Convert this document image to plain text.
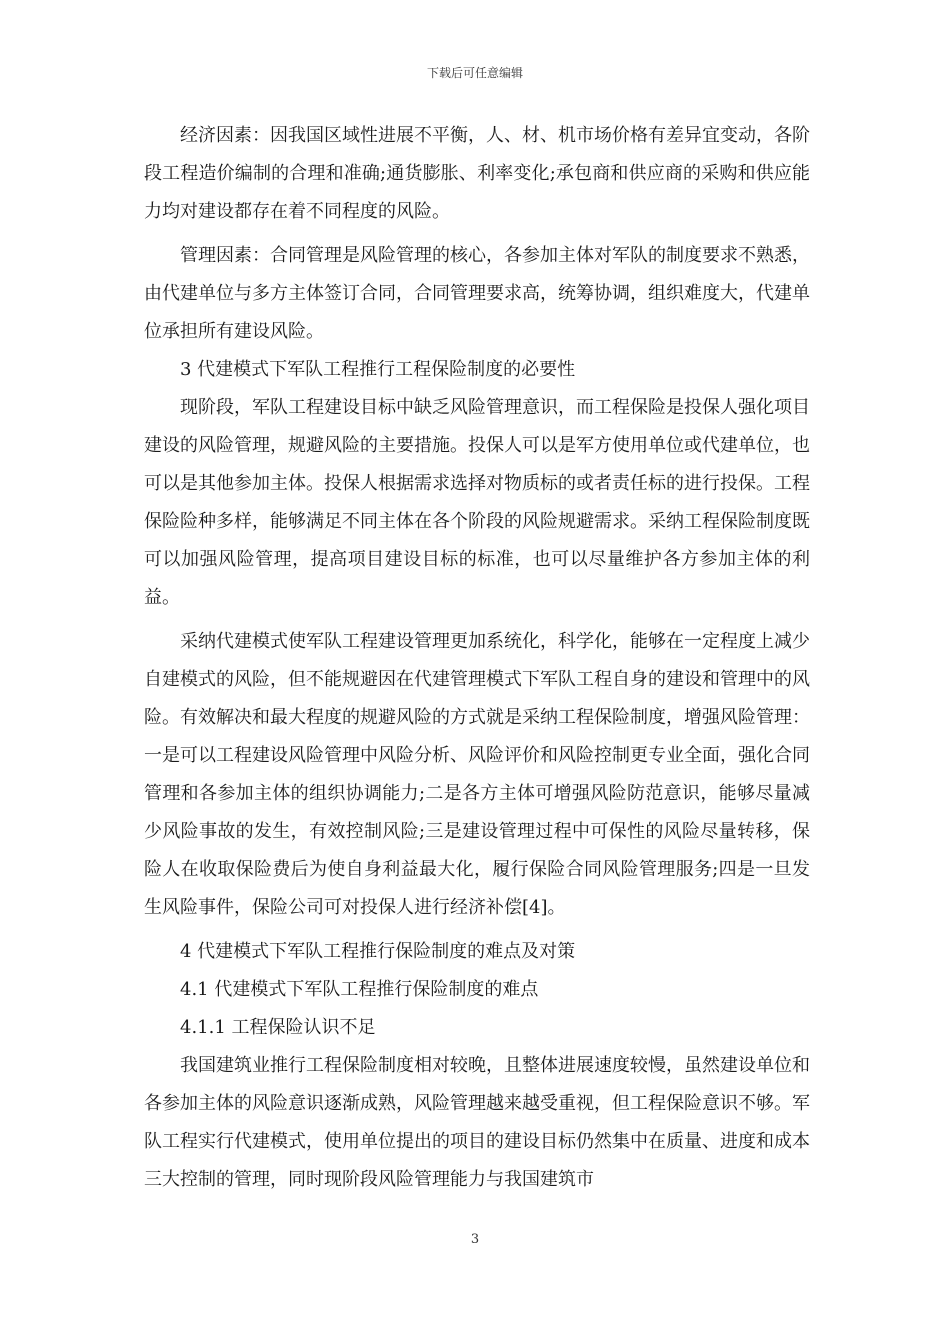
下载后可任意编辑

经济因素：因我国区域性进展不平衡，人、材、机市场价格有差异宜变动，各阶段工程造价编制的合理和准确;通货膨胀、利率变化;承包商和供应商的采购和供应能力均对建设都存在着不同程度的风险。

管理因素：合同管理是风险管理的核心，各参加主体对军队的制度要求不熟悉，由代建单位与多方主体签订合同，合同管理要求高，统筹协调，组织难度大，代建单位承担所有建设风险。

3 代建模式下军队工程推行工程保险制度的必要性

现阶段，军队工程建设目标中缺乏风险管理意识，而工程保险是投保人强化项目建设的风险管理，规避风险的主要措施。投保人可以是军方使用单位或代建单位，也可以是其他参加主体。投保人根据需求选择对物质标的或者责任标的进行投保。工程保险险种多样，能够满足不同主体在各个阶段的风险规避需求。采纳工程保险制度既可以加强风险管理，提高项目建设目标的标准，也可以尽量维护各方参加主体的利益。

采纳代建模式使军队工程建设管理更加系统化，科学化，能够在一定程度上减少自建模式的风险，但不能规避因在代建管理模式下军队工程自身的建设和管理中的风险。有效解决和最大程度的规避风险的方式就是采纳工程保险制度，增强风险管理：一是可以工程建设风险管理中风险分析、风险评价和风险控制更专业全面，强化合同管理和各参加主体的组织协调能力;二是各方主体可增强风险防范意识，能够尽量减少风险事故的发生，有效控制风险;三是建设管理过程中可保性的风险尽量转移，保险人在收取保险费后为使自身利益最大化，履行保险合同风险管理服务;四是一旦发生风险事件，保险公司可对投保人进行经济补偿[4]。

4 代建模式下军队工程推行保险制度的难点及对策

4.1 代建模式下军队工程推行保险制度的难点

4.1.1 工程保险认识不足

我国建筑业推行工程保险制度相对较晚，且整体进展速度较慢，虽然建设单位和各参加主体的风险意识逐渐成熟，风险管理越来越受重视，但工程保险意识不够。军队工程实行代建模式，使用单位提出的项目的建设目标仍然集中在质量、进度和成本三大控制的管理，同时现阶段风险管理能力与我国建筑市

3
